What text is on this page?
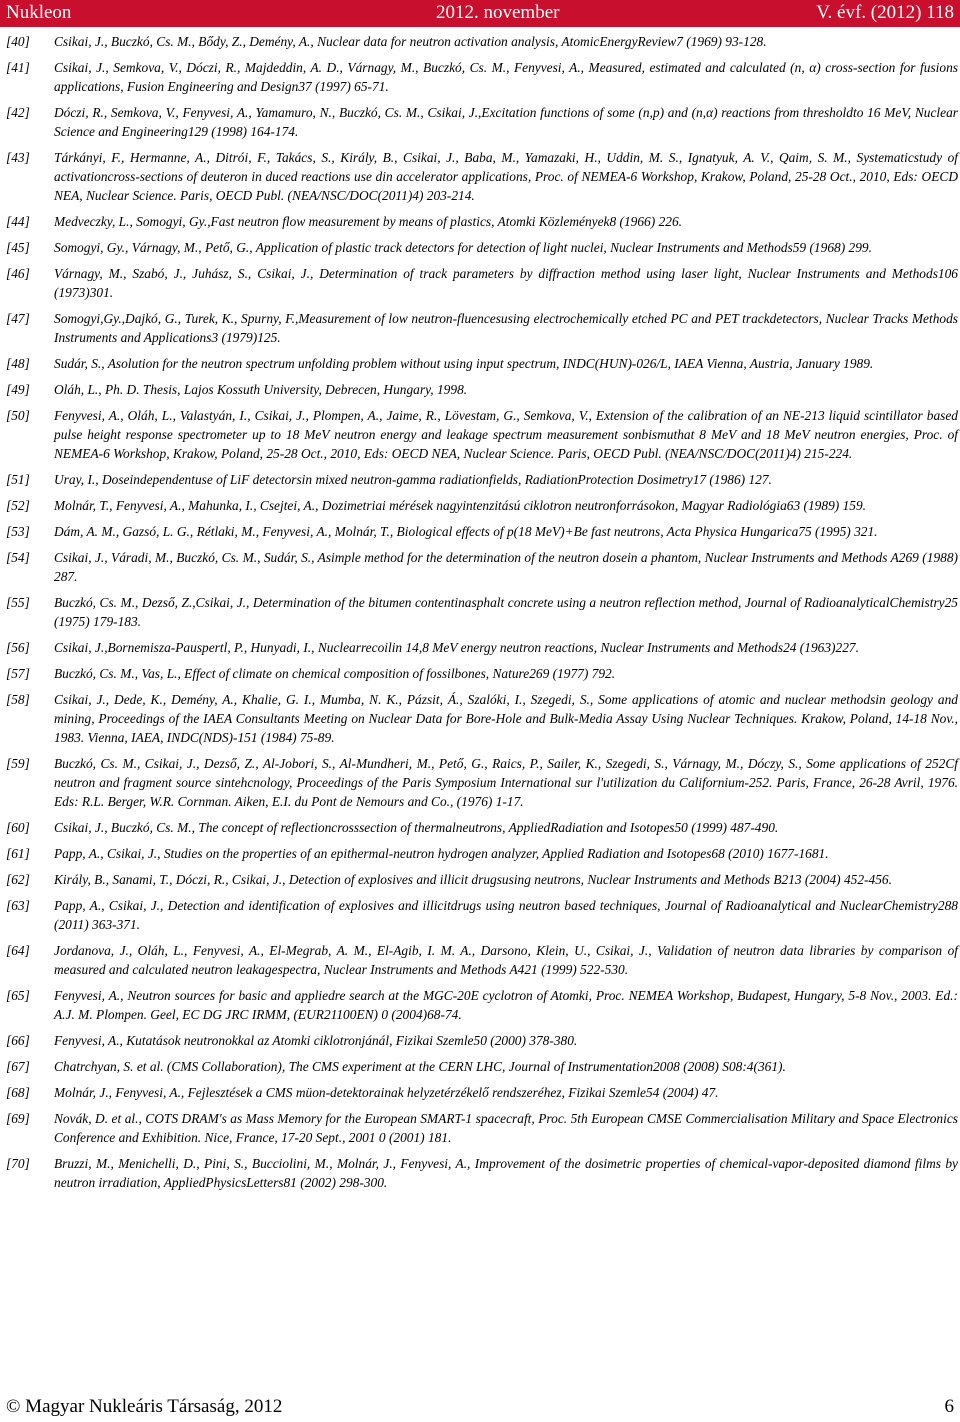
Nukleon	2012. november	V. évf. (2012) 118
[40]	Csikai, J., Buczkó, Cs. M., Bődy, Z., Demény, A., Nuclear data for neutron activation analysis, AtomicEnergyReview7 (1969) 93-128.
[41]	Csikai, J., Semkova, V., Dóczi, R., Majdeddin, A. D., Várnagy, M., Buczkó, Cs. M., Fenyvesi, A., Measured, estimated and calculated (n, α) cross-section for fusions applications, Fusion Engineering and Design37 (1997) 65-71.
[42]	Dóczi, R., Semkova, V., Fenyvesi, A., Yamamuro, N., Buczkó, Cs. M., Csikai, J.,Excitation functions of some (n,p) and (n,α) reactions from thresholdto 16 MeV, Nuclear Science and Engineering129 (1998) 164-174.
[43]	Tárkányi, F., Hermanne, A., Ditrói, F., Takács, S., Király, B., Csikai, J., Baba, M., Yamazaki, H., Uddin, M. S., Ignatyuk, A. V., Qaim, S. M., Systematicstudy of activationcross-sections of deuteron in duced reactions use din accelerator applications, Proc. of NEMEA-6 Workshop, Krakow, Poland, 25-28 Oct., 2010, Eds: OECD NEA, Nuclear Science. Paris, OECD Publ. (NEA/NSC/DOC(2011)4) 203-214.
[44]	Medveczky, L., Somogyi, Gy.,Fast neutron flow measurement by means of plastics, Atomki Közlemények8 (1966) 226.
[45]	Somogyi, Gy., Várnagy, M., Pető, G., Application of plastic track detectors for detection of light nuclei, Nuclear Instruments and Methods59 (1968) 299.
[46]	Várnagy, M., Szabó, J., Juhász, S., Csikai, J., Determination of track parameters by diffraction method using laser light, Nuclear Instruments and Methods106 (1973)301.
[47]	Somogyi,Gy.,Dajkó, G., Turek, K., Spurny, F.,Measurement of low neutron-fluencesusing electrochemically etched PC and PET trackdetectors, Nuclear Tracks Methods Instruments and Applications3 (1979)125.
[48]	Sudár, S., Asolution for the neutron spectrum unfolding problem without using input spectrum, INDC(HUN)-026/L, IAEA Vienna, Austria, January 1989.
[49]	Oláh, L., Ph. D. Thesis, Lajos Kossuth University, Debrecen, Hungary, 1998.
[50]	Fenyvesi, A., Oláh, L., Valastyán, I., Csikai, J., Plompen, A., Jaime, R., Lövestam, G., Semkova, V., Extension of the calibration of an NE-213 liquid scintillator based pulse height response spectrometer up to 18 MeV neutron energy and leakage spectrum measurement sonbismuthat 8 MeV and 18 MeV neutron energies, Proc. of NEMEA-6 Workshop, Krakow, Poland, 25-28 Oct., 2010, Eds: OECD NEA, Nuclear Science. Paris, OECD Publ. (NEA/NSC/DOC(2011)4) 215-224.
[51]	Uray, I., Doseindependentuse of LiF detectorsin mixed neutron-gamma radiationfields, RadiationProtection Dosimetry17 (1986) 127.
[52]	Molnár, T., Fenyvesi, A., Mahunka, I., Csejtei, A., Dozimetriai mérések nagyintenzitású ciklotron neutronforrásokon, Magyar Radiológia63 (1989) 159.
[53]	Dám, A. M., Gazsó, L. G., Rétlaki, M., Fenyvesi, A., Molnár, T., Biological effects of p(18 MeV)+Be fast neutrons, Acta Physica Hungarica75 (1995) 321.
[54]	Csikai, J., Váradi, M., Buczkó, Cs. M., Sudár, S., Asimple method for the determination of the neutron dosein a phantom, Nuclear Instruments and Methods A269 (1988) 287.
[55]	Buczkó, Cs. M., Dezső, Z.,Csikai, J., Determination of the bitumen contentinasphalt concrete using a neutron reflection method, Journal of RadioanalyticalChemistry25 (1975) 179-183.
[56]	Csikai, J.,Bornemisza-Pauspertl, P., Hunyadi, I., Nuclearrecoilin 14,8 MeV energy neutron reactions, Nuclear Instruments and Methods24 (1963)227.
[57]	Buczkó, Cs. M., Vas, L., Effect of climate on chemical composition of fossilbones, Nature269 (1977) 792.
[58]	Csikai, J., Dede, K., Demény, A., Khalie, G. I., Mumba, N. K., Pázsit, Á., Szalóki, I., Szegedi, S., Some applications of atomic and nuclear methodsin geology and mining, Proceedings of the IAEA Consultants Meeting on Nuclear Data for Bore-Hole and Bulk-Media Assay Using Nuclear Techniques. Krakow, Poland, 14-18 Nov., 1983. Vienna, IAEA, INDC(NDS)-151 (1984) 75-89.
[59]	Buczkó, Cs. M., Csikai, J., Dezső, Z., Al-Jobori, S., Al-Mundheri, M., Pető, G., Raics, P., Sailer, K., Szegedi, S., Várnagy, M., Dóczy, S., Some applications of 252Cf neutron and fragment source sintehcnology, Proceedings of the Paris Symposium International sur l'utilization du Californium-252. Paris, France, 26-28 Avril, 1976. Eds: R.L. Berger, W.R. Cornman. Aiken, E.I. du Pont de Nemours and Co., (1976) 1-17.
[60]	Csikai, J., Buczkó, Cs. M., The concept of reflectioncrosssection of thermalneutrons, AppliedRadiation and Isotopes50 (1999) 487-490.
[61]	Papp, A., Csikai, J., Studies on the properties of an epithermal-neutron hydrogen analyzer, Applied Radiation and Isotopes68 (2010) 1677-1681.
[62]	Király, B., Sanami, T., Dóczi, R., Csikai, J., Detection of explosives and illicit drugsusing neutrons, Nuclear Instruments and Methods B213 (2004) 452-456.
[63]	Papp, A., Csikai, J., Detection and identification of explosives and illicitdrugs using neutron based techniques, Journal of Radioanalytical and NuclearChemistry288 (2011) 363-371.
[64]	Jordanova, J., Oláh, L., Fenyvesi, A., El-Megrab, A. M., El-Agib, I. M. A., Darsono, Klein, U., Csikai, J., Validation of neutron data libraries by comparison of measured and calculated neutron leakagespectra, Nuclear Instruments and Methods A421 (1999) 522-530.
[65]	Fenyvesi, A., Neutron sources for basic and appliedre search at the MGC-20E cyclotron of Atomki, Proc. NEMEA Workshop, Budapest, Hungary, 5-8 Nov., 2003. Ed.: A.J. M. Plompen. Geel, EC DG JRC IRMM, (EUR21100EN) 0 (2004)68-74.
[66]	Fenyvesi, A., Kutatások neutronokkal az Atomki ciklotronjánál, Fizikai Szemle50 (2000) 378-380.
[67]	Chatrchyan, S. et al. (CMS Collaboration), The CMS experiment at the CERN LHC, Journal of Instrumentation2008 (2008) S08:4(361).
[68]	Molnár, J., Fenyvesi, A., Fejlesztések a CMS müon-detektorainak helyzetérzékelő rendszeréhez, Fizikai Szemle54 (2004) 47.
[69]	Novák, D. et al., COTS DRAM's as Mass Memory for the European SMART-1 spacecraft, Proc. 5th European CMSE Commercialisation Military and Space Electronics Conference and Exhibition. Nice, France, 17-20 Sept., 2001 0 (2001) 181.
[70]	Bruzzi, M., Menichelli, D., Pini, S., Bucciolini, M., Molnár, J., Fenyvesi, A., Improvement of the dosimetric properties of chemical-vapor-deposited diamond films by neutron irradiation, AppliedPhysicsLetters81 (2002) 298-300.
© Magyar Nukleáris Társaság, 2012	6
